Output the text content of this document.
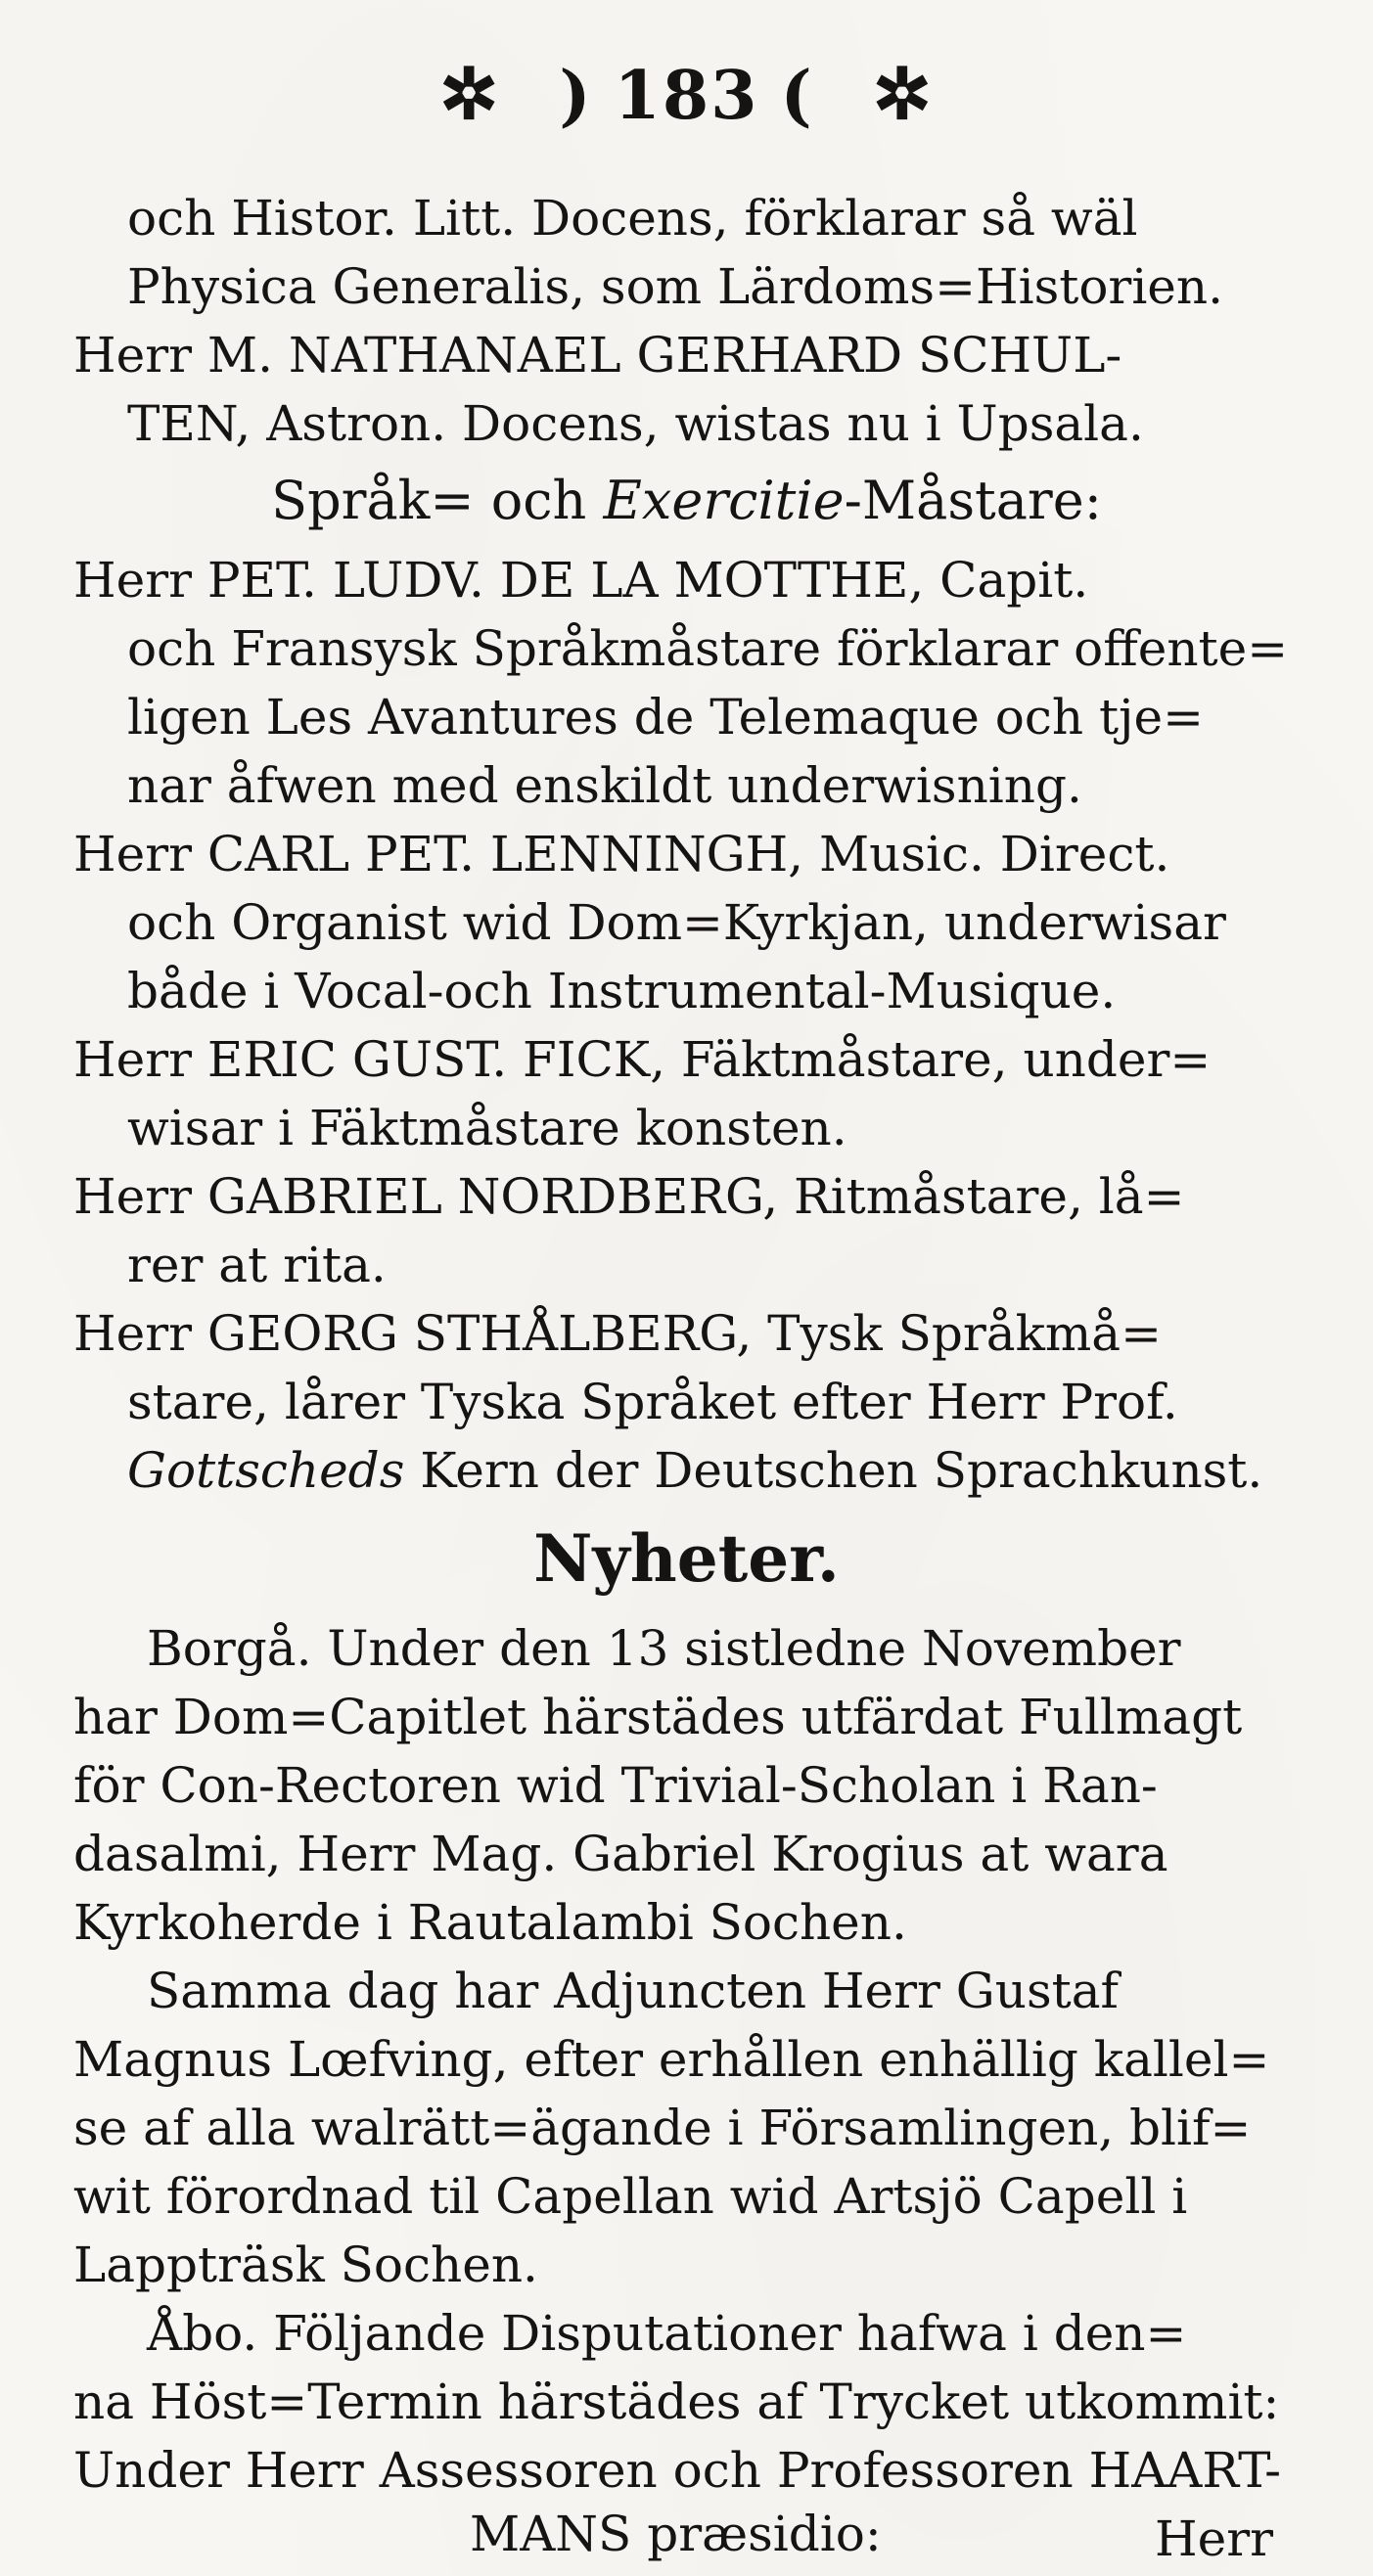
✲ ) 183 ( ✲
och Histor. Litt. Docens, förklarar så wäl
Physica Generalis, som Lärdoms=Historien.
Herr M. NATHANAEL GERHARD SCHUL-
TEN, Astron. Docens, wistas nu i Upsala.
Språk= och Exercitie-Måstare:
Herr PET. LUDV. DE LA MOTTHE, Capit.
och Fransysk Språkmåstare förklarar offente=
ligen Les Avantures de Telemaque och tje=
nar åfwen med enskildt underwisning.
Herr CARL PET. LENNINGH, Music. Direct.
och Organist wid Dom=Kyrkjan, underwisar
både i Vocal-och Instrumental-Musique.
Herr ERIC GUST. FICK, Fäktmåstare, under=
wisar i Fäktmåstare konsten.
Herr GABRIEL NORDBERG, Ritmåstare, lå=
rer at rita.
Herr GEORG STHÅLBERG, Tysk Språkmå=
stare, lårer Tyska Språket efter Herr Prof.
Gottscheds Kern der Deutschen Sprachkunst.
Nyheter.
Borgå. Under den 13 sistledne November
har Dom=Capitlet härstädes utfärdat Fullmagt
för Con-Rectoren wid Trivial-Scholan i Ran-
dasalmi, Herr Mag. Gabriel Krogius at wara
Kyrkoherde i Rautalambi Sochen.
Samma dag har Adjuncten Herr Gustaf
Magnus Lœfving, efter erhållen enhällig kallel=
se af alla walrätt=ägande i Församlingen, blif=
wit förordnad til Capellan wid Artsjö Capell i
Lappträsk Sochen.
Åbo. Följande Disputationer hafwa i den=
na Höst=Termin härstädes af Trycket utkommit:
Under Herr Assessoren och Professoren HAART-
MANS præsidio:	Herr
